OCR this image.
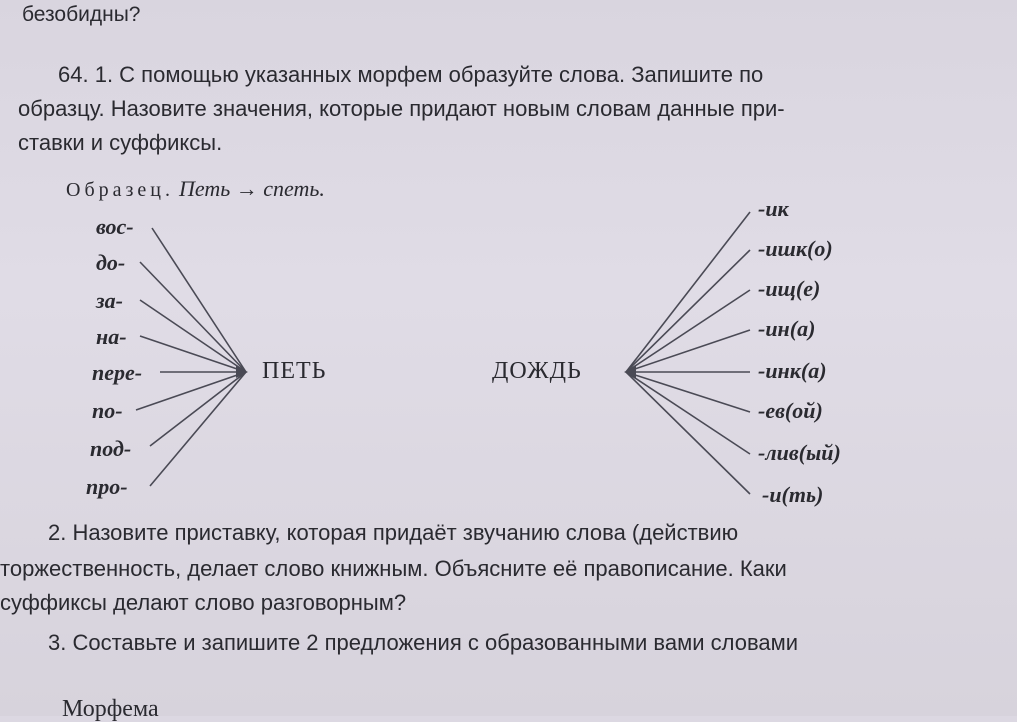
безобидны?
64. 1. С помощью указанных морфем образуйте слова. Запишите по
образцу. Назовите значения, которые придают новым словам данные при-
ставки и суффиксы.
Образец. Петь → спеть.
вос-
до-
за-
на-
пере-
по-
под-
про-
ПЕТЬ	ДОЖДЬ
-ик
-ишк(о)
-ищ(е)
-ин(а)
-инк(а)
-ев(ой)
-лив(ый)
-и(ть)
2. Назовите приставку, которая придаёт звучанию слова (действию
торжественность, делает слово книжным. Объясните её правописание. Каки
суффиксы делают слово разговорным?
3. Составьте и запишите 2 предложения с образованными вами словами
Морфема
